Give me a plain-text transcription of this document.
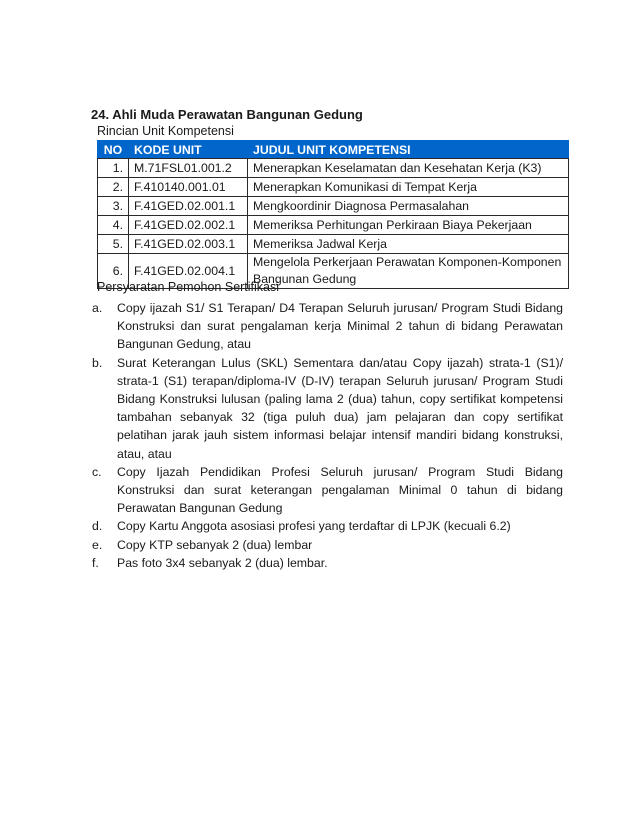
24. Ahli Muda Perawatan Bangunan Gedung

Rincian Unit Kompetensi

NO	KODE UNIT	JUDUL UNIT KOMPETENSI
1.	M.71FSL01.001.2	Menerapkan Keselamatan dan Kesehatan Kerja (K3)
2.	F.410140.001.01	Menerapkan Komunikasi di Tempat Kerja
3.	F.41GED.02.001.1	Mengkoordinir Diagnosa Permasalahan
4.	F.41GED.02.002.1	Memeriksa Perhitungan Perkiraan Biaya Pekerjaan
5.	F.41GED.02.003.1	Memeriksa Jadwal Kerja
6.	F.41GED.02.004.1	Mengelola Perkerjaan Perawatan Komponen-Komponen Bangunan Gedung

Persyaratan Pemohon Sertifikasi

a. Copy ijazah S1/ S1 Terapan/ D4 Terapan Seluruh jurusan/ Program Studi Bidang Konstruksi dan surat pengalaman kerja Minimal 2 tahun di bidang Perawatan Bangunan Gedung, atau
b. Surat Keterangan Lulus (SKL) Sementara dan/atau Copy ijazah) strata-1 (S1)/ strata-1 (S1) terapan/diploma-IV (D-IV) terapan Seluruh jurusan/ Program Studi Bidang Konstruksi lulusan (paling lama 2 (dua) tahun, copy sertifikat kompetensi tambahan sebanyak 32 (tiga puluh dua) jam pelajaran dan copy sertifikat pelatihan jarak jauh sistem informasi belajar intensif mandiri bidang konstruksi, atau, atau
c. Copy Ijazah Pendidikan Profesi Seluruh jurusan/ Program Studi Bidang Konstruksi dan surat keterangan pengalaman Minimal 0 tahun di bidang Perawatan Bangunan Gedung
d. Copy Kartu Anggota asosiasi profesi yang terdaftar di LPJK (kecuali 6.2)
e. Copy KTP sebanyak 2 (dua) lembar
f. Pas foto 3x4 sebanyak 2 (dua) lembar.
